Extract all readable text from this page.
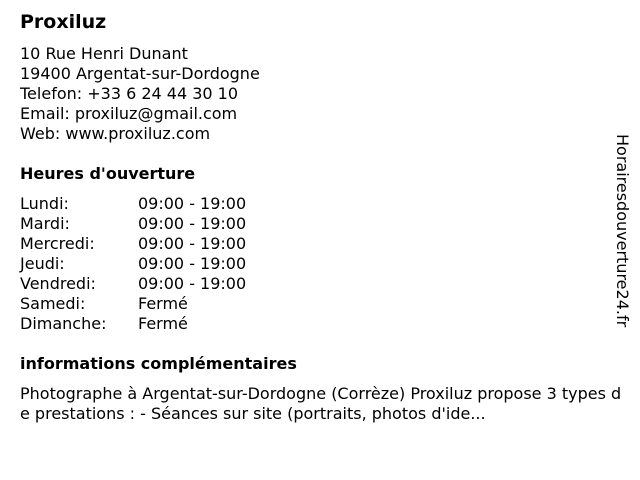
Proxiluz
10 Rue Henri Dunant
19400 Argentat-sur-Dordogne
Telefon: +33 6 24 44 30 10
Email: proxiluz@gmail.com
Web: www.proxiluz.com
Heures d'ouverture
Lundi:	09:00 - 19:00
Mardi:	09:00 - 19:00
Mercredi:	09:00 - 19:00
Jeudi:	09:00 - 19:00
Vendredi:	09:00 - 19:00
Samedi:	Fermé
Dimanche: Fermé
informations complémentaires
Photographe à Argentat-sur-Dordogne (Corrèze) Proxiluz propose 3 types de prestations : - Séances sur site (portraits, photos d'ide...
Horairesdouverture24.fr
